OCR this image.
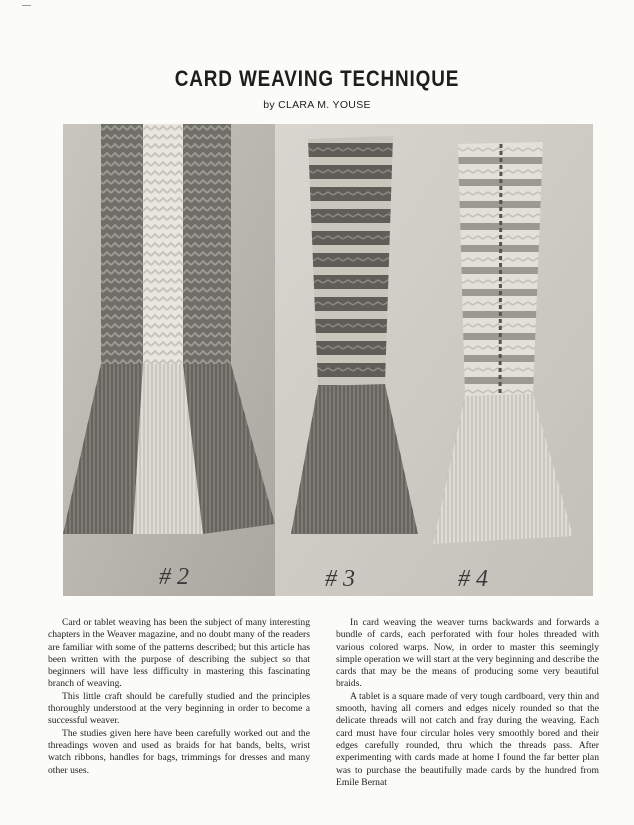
CARD WEAVING TECHNIQUE
by CLARA M. YOUSE
# 2	# 3	# 4

Card or tablet weaving has been the subject of many interesting chapters in the Weaver magazine, and no doubt many of the readers are familiar with some of the patterns described; but this article has been written with the purpose of describing the subject so that beginners will have less difficulty in mastering this fascinating branch of weaving.

This little craft should be carefully studied and the principles thoroughly understood at the very beginning in order to become a successful weaver.

The studies given here have been carefully worked out and the threadings woven and used as braids for hat bands, belts, wrist watch ribbons, handles for bags, trimmings for dresses and many other uses.

In card weaving the weaver turns backwards and forwards a bundle of cards, each perforated with four holes threaded with various colored warps. Now, in order to master this seemingly simple operation we will start at the very beginning and describe the cards that may be the means of producing some very beautiful braids.

A tablet is a square made of very tough cardboard, very thin and smooth, having all corners and edges nicely rounded so that the delicate threads will not catch and fray during the weaving. Each card must have four circular holes very smoothly bored and their edges carefully rounded, thru which the threads pass. After experimenting with cards made at home I found the far better plan was to purchase the beautifully made cards by the hundred from Emile Bernat
